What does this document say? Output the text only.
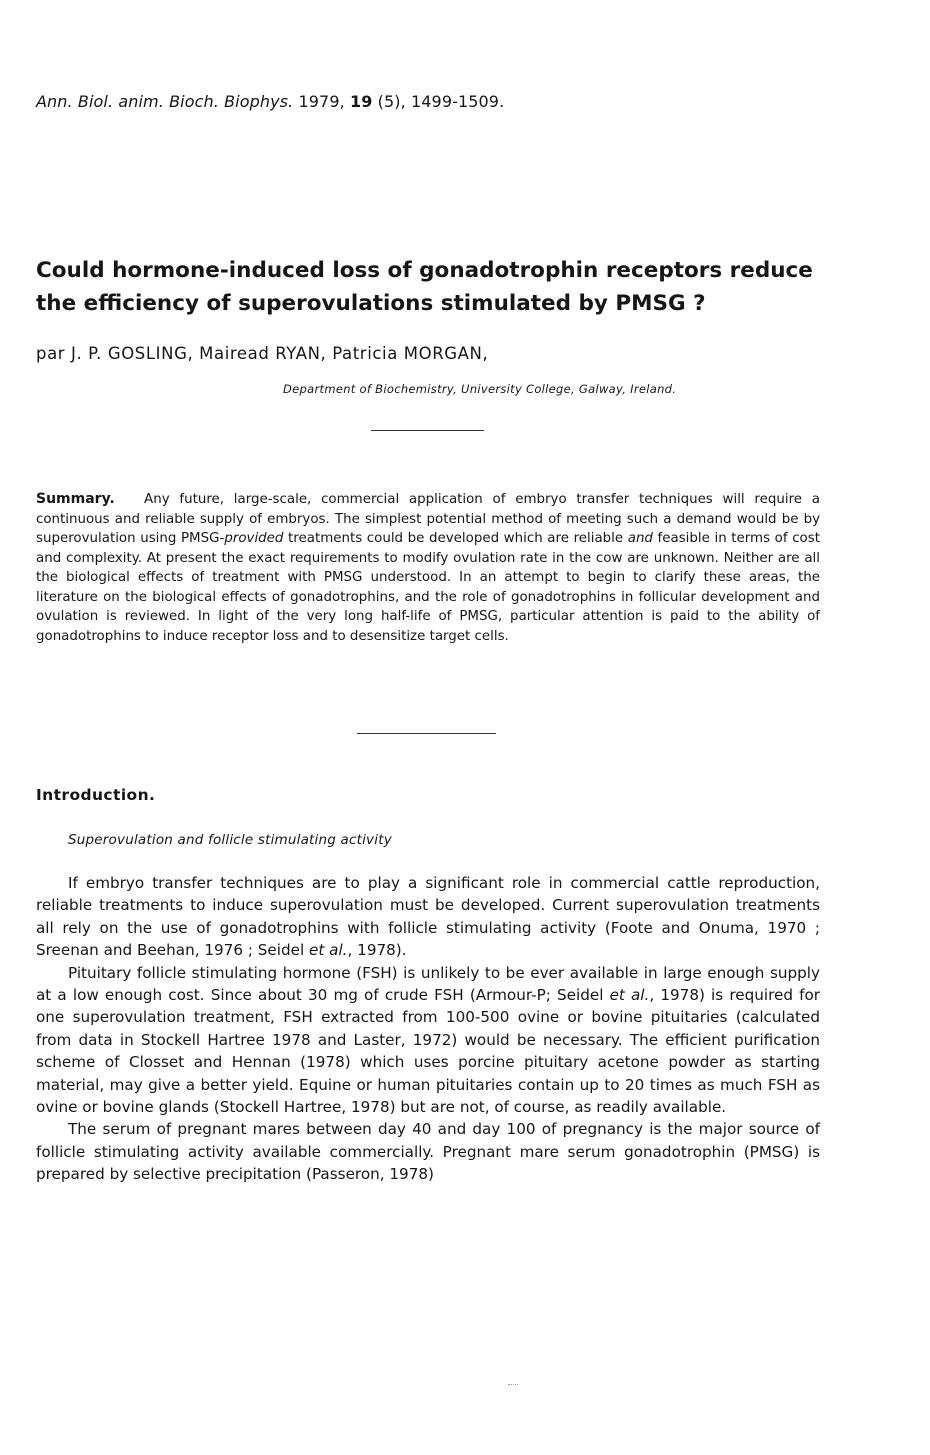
Ann. Biol. anim. Bioch. Biophys. 1979, 19 (5), 1499-1509.
Could hormone-induced loss of gonadotrophin receptors reduce
the efficiency of superovulations stimulated by PMSG ?
par J. P. GOSLING, Mairead RYAN, Patricia MORGAN,
Department of Biochemistry, University College, Galway, Ireland.
Summary. Any future, large-scale, commercial application of embryo transfer techniques will require a continuous and reliable supply of embryos. The simplest potential method of meeting such a demand would be by superovulation using PMSG-provided treatments could be developed which are reliable and feasible in terms of cost and complexity. At present the exact requirements to modify ovulation rate in the cow are unknown. Neither are all the biological effects of treatment with PMSG understood. In an attempt to begin to clarify these areas, the literature on the biological effects of gonadotrophins, and the role of gonadotrophins in follicular development and ovulation is reviewed. In light of the very long half-life of PMSG, particular attention is paid to the ability of gonadotrophins to induce receptor loss and to desensitize target cells.
Introduction.
Superovulation and follicle stimulating activity

If embryo transfer techniques are to play a significant role in commercial cattle reproduction, reliable treatments to induce superovulation must be developed. Current superovulation treatments all rely on the use of gonadotrophins with follicle stimulating activity (Foote and Onuma, 1970 ; Sreenan and Beehan, 1976 ; Seidel et al., 1978).

Pituitary follicle stimulating hormone (FSH) is unlikely to be ever available in large enough supply at a low enough cost. Since about 30 mg of crude FSH (Armour-P; Seidel et al., 1978) is required for one superovulation treatment, FSH extracted from 100-500 ovine or bovine pituitaries (calculated from data in Stockell Hartree 1978 and Laster, 1972) would be necessary. The efficient purification scheme of Closset and Hennan (1978) which uses porcine pituitary acetone powder as starting material, may give a better yield. Equine or human pituitaries contain up to 20 times as much FSH as ovine or bovine glands (Stockell Hartree, 1978) but are not, of course, as readily available.

The serum of pregnant mares between day 40 and day 100 of pregnancy is the major source of follicle stimulating activity available commercially. Pregnant mare serum gonadotrophin (PMSG) is prepared by selective precipitation (Passeron, 1978)
